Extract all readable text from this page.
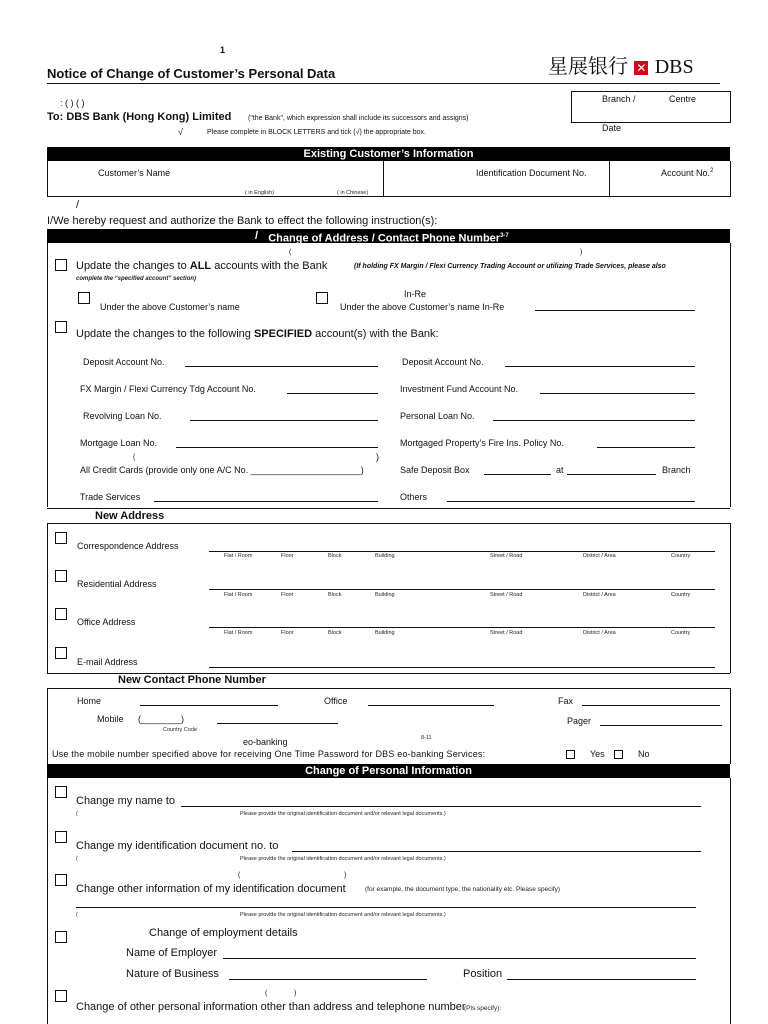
1
Notice of Change of Customer’s Personal Data	星展银行 ✕ DBS
Branch /	Centre
Date
: ( ) ( )
To: DBS Bank (Hong Kong) Limited ("the Bank", which expression shall include its successors and assigns)
√	Please complete in BLOCK LETTERS and tick (√) the appropriate box.
Existing Customer’s Information
Customer’s Name
( in English)	( in Chinese)
Identification Document No.	Account No.$^2$
/
I/We hereby request and authorize the Bank to effect the following instruction(s):
/ Change of Address / Contact Phone Number$^{3-7}$
(	)
Update the changes to ALL accounts with the Bank	(If holding FX Margin / Flexi Currency Trading Account or utilizing Trade Services, please also
complete the “specified account” section)
Under the above Customer’s name
In-Re
Under the above Customer’s name In-Re
Update the changes to the following SPECIFIED account(s) with the Bank:
Deposit Account No.	Deposit Account No.
FX Margin / Flexi Currency Tdg Account No.	Investment Fund Account No.
Revolving Loan No.	Personal Loan No.
Mortgage Loan No.	Mortgaged Property’s Fire Ins. Policy No.
(	)
All Credit Cards (provide only one A/C No. ______________________)	Safe Deposit Box	at	Branch
Trade Services	Others
New Address
Correspondence Address
Flat / Room	Floor	Block	Building	Street / Road	District / Area	Country
Residential Address
Flat / Room	Floor	Block	Building	Street / Road	District / Area	Country
Office Address
Flat / Room	Floor	Block	Building	Street / Road	District / Area	Country
E-mail Address
New Contact Phone Number
Home	Office	Fax
Mobile (________)
Country Code
Pager
eo-banking	8-11
Use the mobile number specified above for receiving One Time Password for DBS eo-banking Services:	Yes	No
Change of Personal Information
Change my name to
(	Please provide the original identification document and/or relevant legal documents.)
Change my identification document no. to
(	Please provide the original identification document and/or relevant legal documents.)
(	)
Change other information of my identification document	(for example, the document type, the nationality etc. Please specify)
(	Please provide the original identification document and/or relevant legal documents.)
Change of employment details
Name of Employer
Nature of Business	Position
(	)
Change of other personal information other than address and telephone number
(Pls specify):
